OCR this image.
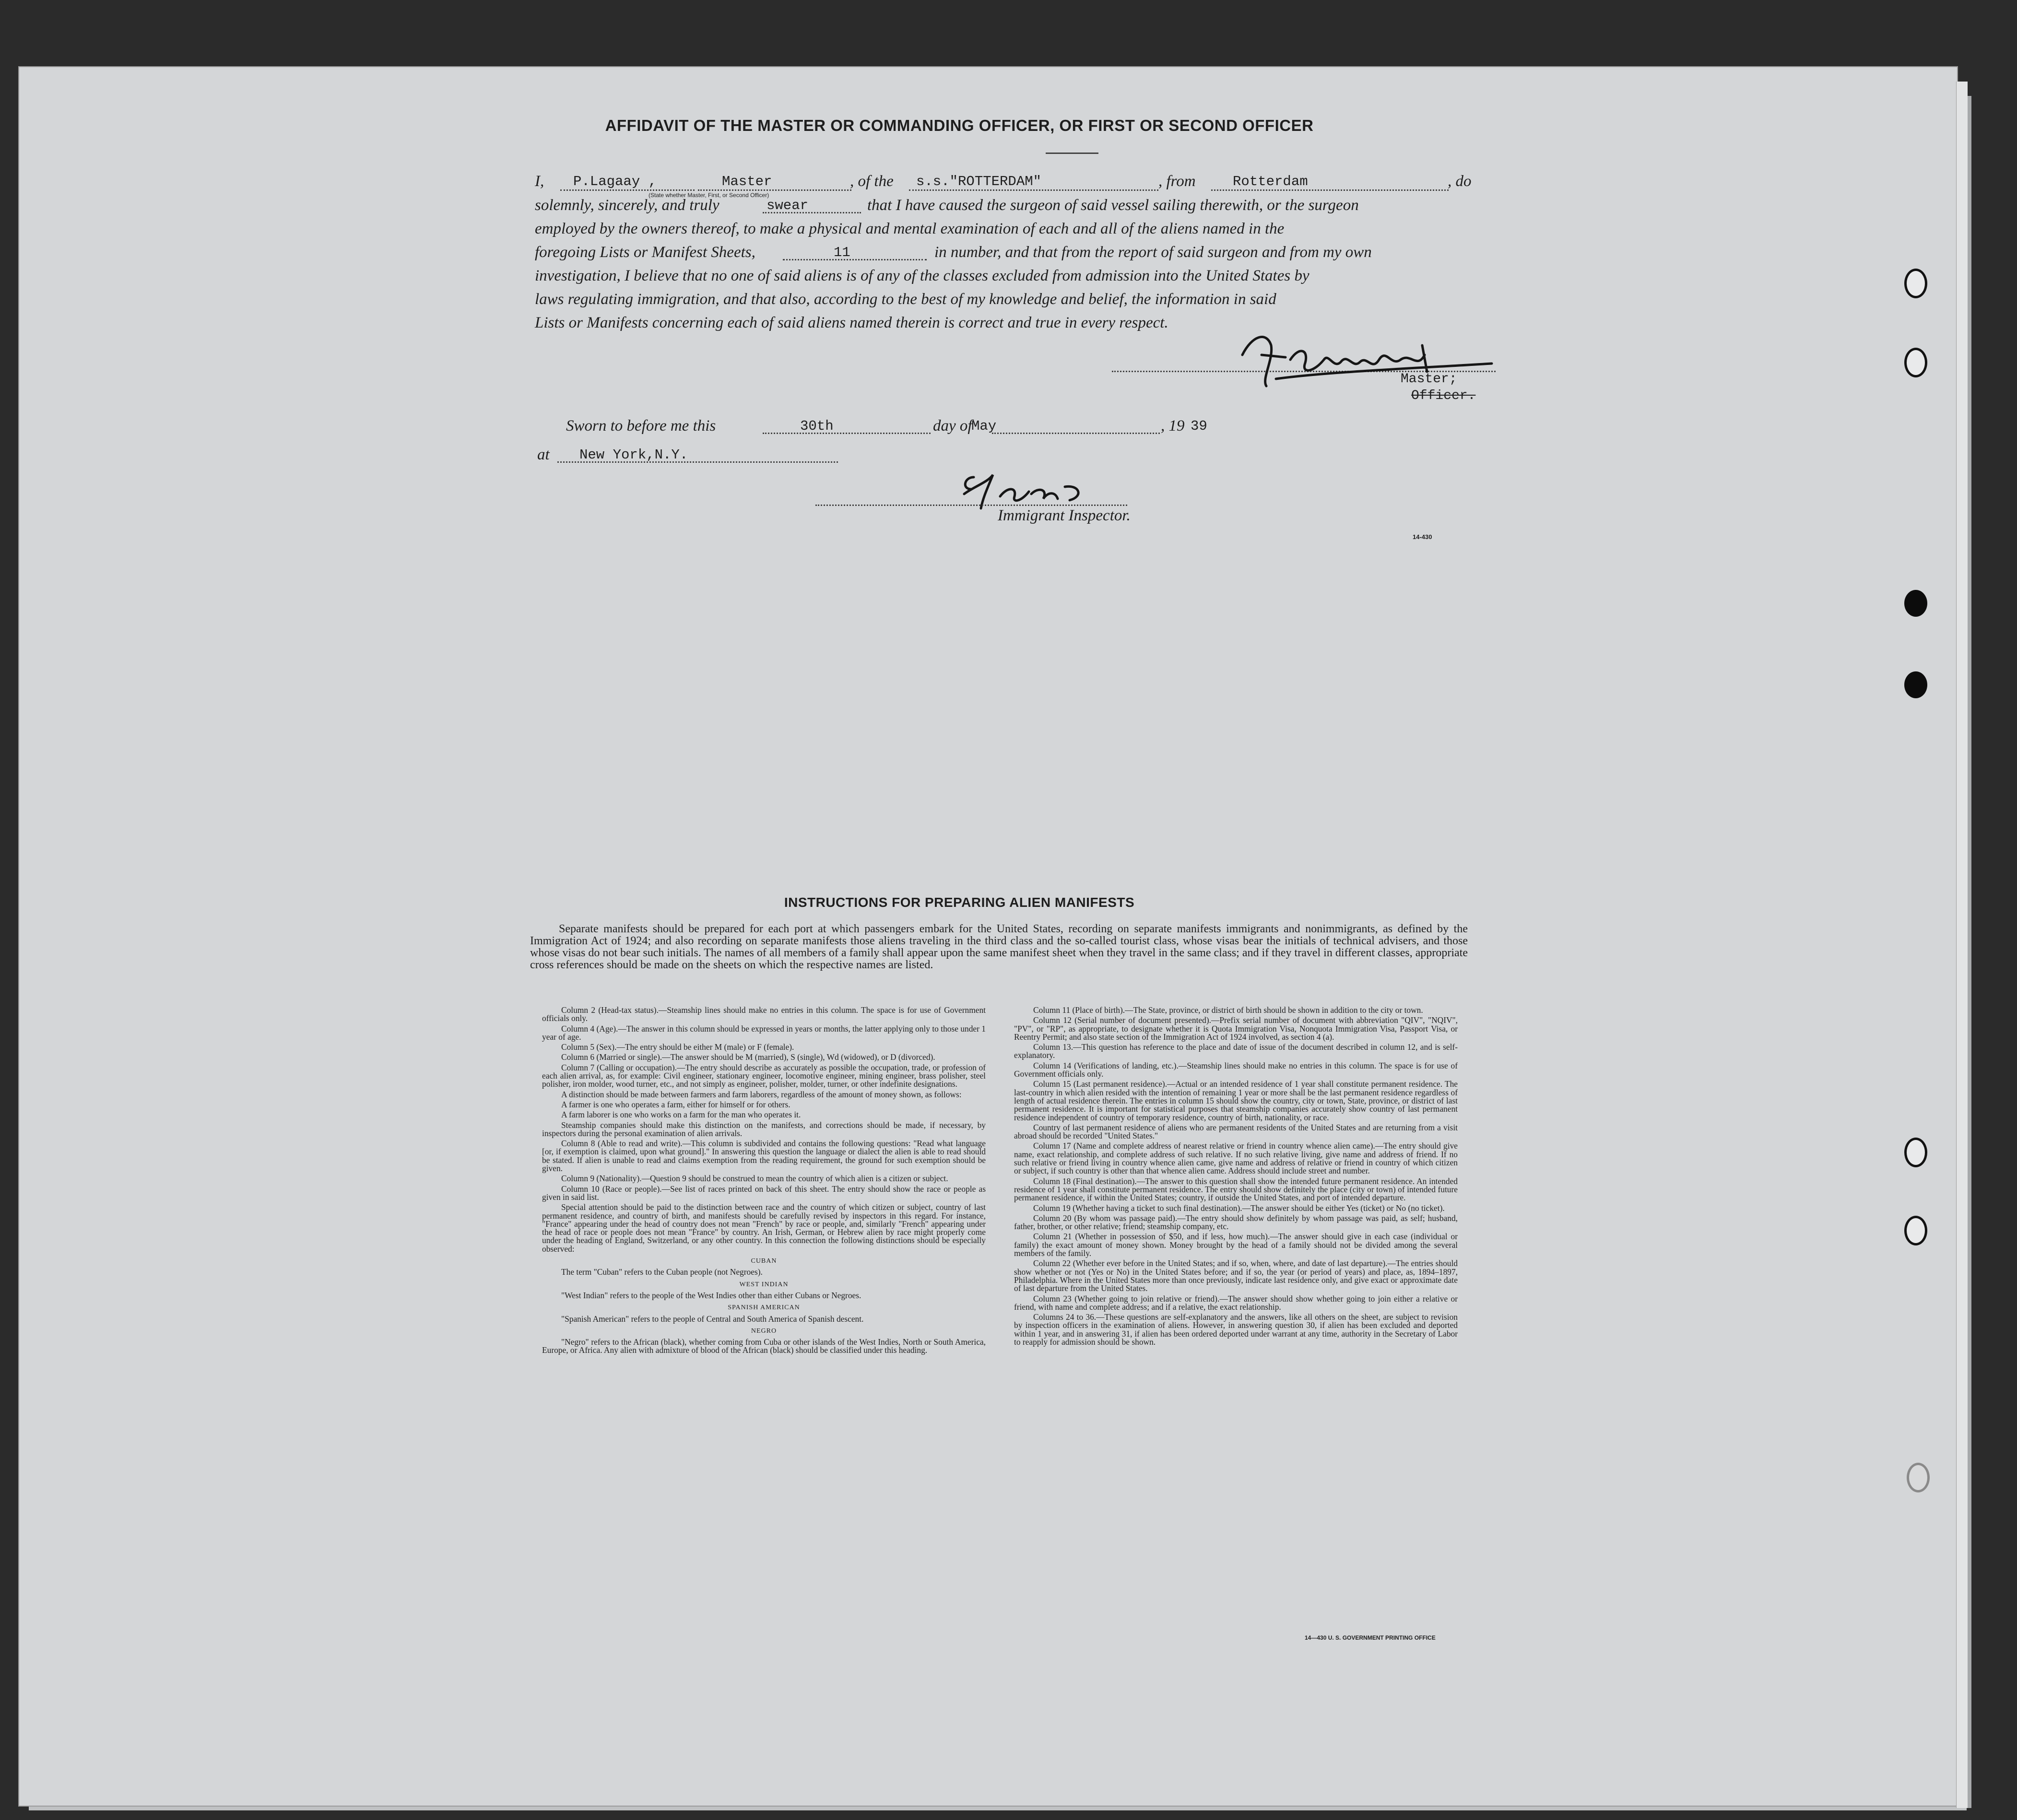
AFFIDAVIT OF THE MASTER OR COMMANDING OFFICER, OR FIRST OR SECOND OFFICER
I, P.Lagaay ,
(State whether Master, First, or Second Officer)
Master	, of the s.s."ROTTERDAM"	, from	Rotterdam	, do
solemnly, sincerely, and truly	swear	that I have caused the surgeon of said vessel sailing therewith, or the surgeon
employed by the owners thereof, to make a physical and mental examination of each and all of the aliens named in the
foregoing Lists or Manifest Sheets,	11	in number, and that from the report of said surgeon and from my own
investigation, I believe that no one of said aliens is of any of the classes excluded from admission into the United States by
laws regulating immigration, and that also, according to the best of my knowledge and belief, the information in said
Lists or Manifests concerning each of said aliens named therein is correct and true in every respect.
Master;
Officer.
Sworn to before me this	30th	day of
May	, 19 39
at New York,N.Y.
Immigrant Inspector.
14-430
INSTRUCTIONS FOR PREPARING ALIEN MANIFESTS
Separate manifests should be prepared for each port at which passengers embark for the United States, recording on separate manifests immigrants and nonimmigrants, as defined by the Immigration Act of 1924; and also recording on separate manifests those aliens traveling in the third class and the so-called tourist class, whose visas bear the initials of technical advisers, and those whose visas do not bear such initials. The names of all members of a family shall appear upon the same manifest sheet when they travel in the same class; and if they travel in different classes, appropriate cross references should be made on the sheets on which the respective names are listed.

Column 2 (Head-tax status).—Steamship lines should make no entries in this column. The space is for use of Government officials only.

Column 4 (Age).—The answer in this column should be expressed in years or months, the latter applying only to those under 1 year of age.

Column 5 (Sex).—The entry should be either M (male) or F (female).

Column 6 (Married or single).—The answer should be M (married), S (single), Wd (widowed), or D (divorced).

Column 7 (Calling or occupation).—The entry should describe as accurately as possible the occupation, trade, or profession of each alien arrival, as, for example: Civil engineer, stationary engineer, locomotive engineer, mining engineer, brass polisher, steel polisher, iron molder, wood turner, etc., and not simply as engineer, polisher, molder, turner, or other indefinite designations.

A distinction should be made between farmers and farm laborers, regardless of the amount of money shown, as follows:

A farmer is one who operates a farm, either for himself or for others.

A farm laborer is one who works on a farm for the man who operates it.

Steamship companies should make this distinction on the manifests, and corrections should be made, if necessary, by inspectors during the personal examination of alien arrivals.

Column 8 (Able to read and write).—This column is subdivided and contains the following questions: "Read what language [or, if exemption is claimed, upon what ground]." In answering this question the language or dialect the alien is able to read should be stated. If alien is unable to read and claims exemption from the reading requirement, the ground for such exemption should be given.

Column 9 (Nationality).—Question 9 should be construed to mean the country of which alien is a citizen or subject.

Column 10 (Race or people).—See list of races printed on back of this sheet. The entry should show the race or people as given in said list.

Special attention should be paid to the distinction between race and the country of which citizen or subject, country of last permanent residence, and country of birth, and manifests should be carefully revised by inspectors in this regard. For instance, "France" appearing under the head of country does not mean "French" by race or people, and, similarly "French" appearing under the head of race or people does not mean "France" by country. An Irish, German, or Hebrew alien by race might properly come under the heading of England, Switzerland, or any other country. In this connection the following distinctions should be especially observed:

CUBAN

The term "Cuban" refers to the Cuban people (not Negroes).

WEST INDIAN

"West Indian" refers to the people of the West Indies other than either Cubans or Negroes.

SPANISH AMERICAN

"Spanish American" refers to the people of Central and South America of Spanish descent.

NEGRO

"Negro" refers to the African (black), whether coming from Cuba or other islands of the West Indies, North or South America, Europe, or Africa. Any alien with admixture of blood of the African (black) should be classified under this heading.

Column 11 (Place of birth).—The State, province, or district of birth should be shown in addition to the city or town.

Column 12 (Serial number of document presented).—Prefix serial number of document with abbreviation "QIV", "NQIV", "PV", or "RP", as appropriate, to designate whether it is Quota Immigration Visa, Nonquota Immigration Visa, Passport Visa, or Reentry Permit; and also state section of the Immigration Act of 1924 involved, as section 4 (a).

Column 13.—This question has reference to the place and date of issue of the document described in column 12, and is self-explanatory.

Column 14 (Verifications of landing, etc.).—Steamship lines should make no entries in this column. The space is for use of Government officials only.

Column 15 (Last permanent residence).—Actual or an intended residence of 1 year shall constitute permanent residence. The last-country in which alien resided with the intention of remaining 1 year or more shall be the last permanent residence regardless of length of actual residence therein. The entries in column 15 should show the country, city or town, State, province, or district of last permanent residence. It is important for statistical purposes that steamship companies accurately show country of last permanent residence independent of country of temporary residence, country of birth, nationality, or race.

Country of last permanent residence of aliens who are permanent residents of the United States and are returning from a visit abroad should be recorded "United States."

Column 17 (Name and complete address of nearest relative or friend in country whence alien came).—The entry should give name, exact relationship, and complete address of such relative. If no such relative living, give name and address of friend. If no such relative or friend living in country whence alien came, give name and address of relative or friend in country of which citizen or subject, if such country is other than that whence alien came. Address should include street and number.

Column 18 (Final destination).—The answer to this question shall show the intended future permanent residence. An intended residence of 1 year shall constitute permanent residence. The entry should show definitely the place (city or town) of intended future permanent residence, if within the United States; country, if outside the United States, and port of intended departure.

Column 19 (Whether having a ticket to such final destination).—The answer should be either Yes (ticket) or No (no ticket).

Column 20 (By whom was passage paid).—The entry should show definitely by whom passage was paid, as self; husband, father, brother, or other relative; friend; steamship company, etc.

Column 21 (Whether in possession of $50, and if less, how much).—The answer should give in each case (individual or family) the exact amount of money shown. Money brought by the head of a family should not be divided among the several members of the family.

Column 22 (Whether ever before in the United States; and if so, when, where, and date of last departure).—The entries should show whether or not (Yes or No) in the United States before; and if so, the year (or period of years) and place, as, 1894–1897, Philadelphia. Where in the United States more than once previously, indicate last residence only, and give exact or approximate date of last departure from the United States.

Column 23 (Whether going to join relative or friend).—The answer should show whether going to join either a relative or friend, with name and complete address; and if a relative, the exact relationship.

Columns 24 to 36.—These questions are self-explanatory and the answers, like all others on the sheet, are subject to revision by inspection officers in the examination of aliens. However, in answering question 30, if alien has been excluded and deported within 1 year, and in answering 31, if alien has been ordered deported under warrant at any time, authority in the Secretary of Labor to reapply for admission should be shown.

14—430 U. S. GOVERNMENT PRINTING OFFICE
